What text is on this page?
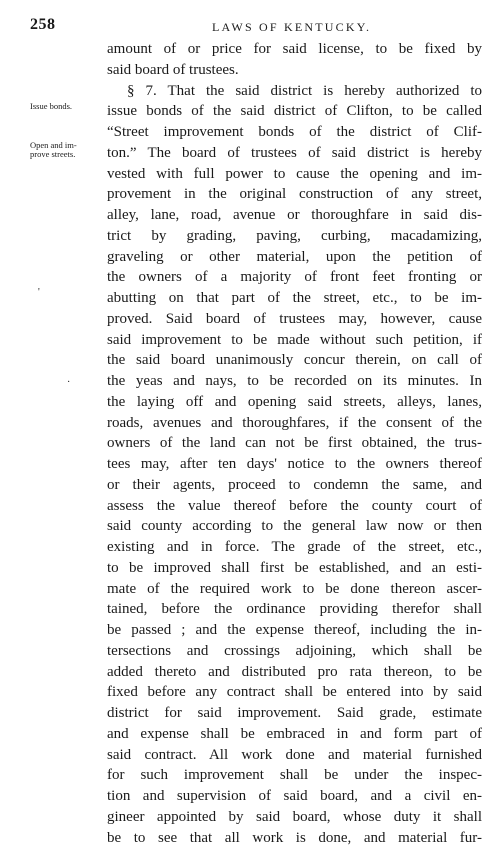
258	LAWS OF KENTUCKY.
Issue bonds.
Open and im-
prove streets.
'
·
amount of or price for said license, to be fixed by
said board of trustees.
§ 7. That the said district is hereby authorized to
issue bonds of the said district of Clifton, to be called
“Street improvement bonds of the district of Clif-
ton.” The board of trustees of said district is hereby
vested with full power to cause the opening and im-
provement in the original construction of any street,
alley, lane, road, avenue or thoroughfare in said dis-
trict by grading, paving, curbing, macadamizing,
graveling or other material, upon the petition of
the owners of a majority of front feet fronting or
abutting on that part of the street, etc., to be im-
proved. Said board of trustees may, however, cause
said improvement to be made without such petition, if
the said board unanimously concur therein, on call of
the yeas and nays, to be recorded on its minutes. In
the laying off and opening said streets, alleys, lanes,
roads, avenues and thoroughfares, if the consent of the
owners of the land can not be first obtained, the trus-
tees may, after ten days' notice to the owners thereof
or their agents, proceed to condemn the same, and
assess the value thereof before the county court of
said county according to the general law now or then
existing and in force. The grade of the street, etc.,
to be improved shall first be established, and an esti-
mate of the required work to be done thereon ascer-
tained, before the ordinance providing therefor shall
be passed ; and the expense thereof, including the in-
tersections and crossings adjoining, which shall be
added thereto and distributed pro rata thereon, to be
fixed before any contract shall be entered into by said
district for said improvement. Said grade, estimate
and expense shall be embraced in and form part of
said contract. All work done and material furnished
for such improvement shall be under the inspec-
tion and supervision of said board, and a civil en-
gineer appointed by said board, whose duty it shall
be to see that all work is done, and material fur-
